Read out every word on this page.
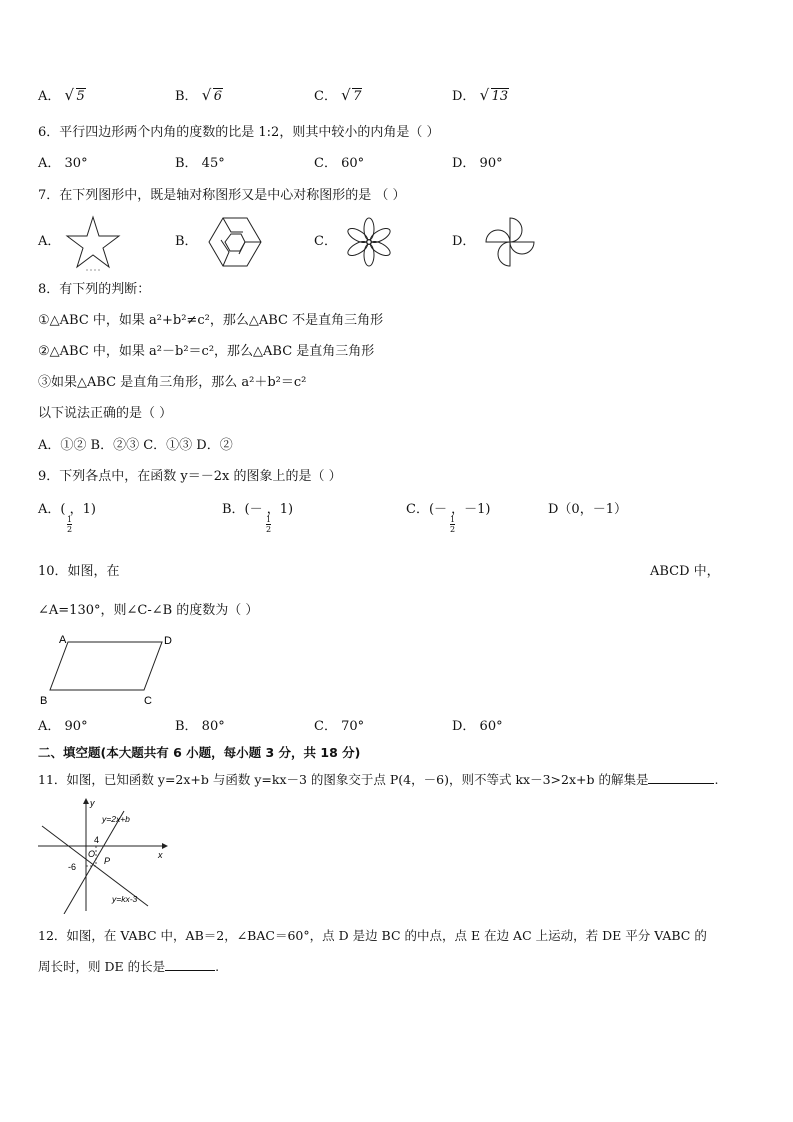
A． √ 5	B． √ 6	C． √ 7	D． √ 13
6．平行四边形两个内角的度数的比是 1:2，则其中较小的内角是（ ）
A． 30°	B． 45°	C． 60°	D． 90°
7．在下列图形中，既是轴对称图形又是中心对称图形的是 （ ）
A．	B．	C．	D．
8．有下列的判断：
①△ABC 中，如果 a²+b²≠c²，那么△ABC 不是直角三角形
②△ABC 中，如果 a²－b²＝c²，那么△ABC 是直角三角形
③如果△ABC 是直角三角形，那么 a²＋b²＝c²
以下说法正确的是（ ）
A．①② B．②③ C．①③ D．②
9．下列各点中，在函数 y＝－2x 的图象上的是（ ）
A．( ，1)	B．(－ ，1)	C．(－ ，－1)	D（0，－1）
1
2
1
2
1
2
10．如图，在	ABCD 中，
∠A=130°，则∠C-∠B 的度数为（ ）
A	D
B	C
A． 90°	B． 80°	C． 70°	D． 60°
二、填空题(本大题共有 6 小题，每小题 3 分，共 18 分)
11．如图，已知函数 y=2x+b 与函数 y=kx－3 的图象交于点 P(4，－6)，则不等式 kx－3>2x+b 的解集是	.
y
x
O
4
-6
y=2x+b
y=kx-3
P
12．如图，在 VABC 中，AB＝2，∠BAC＝60°，点 D 是边 BC 的中点，点 E 在边 AC 上运动，若 DE 平分 VABC 的
周长时，则 DE 的长是	.
